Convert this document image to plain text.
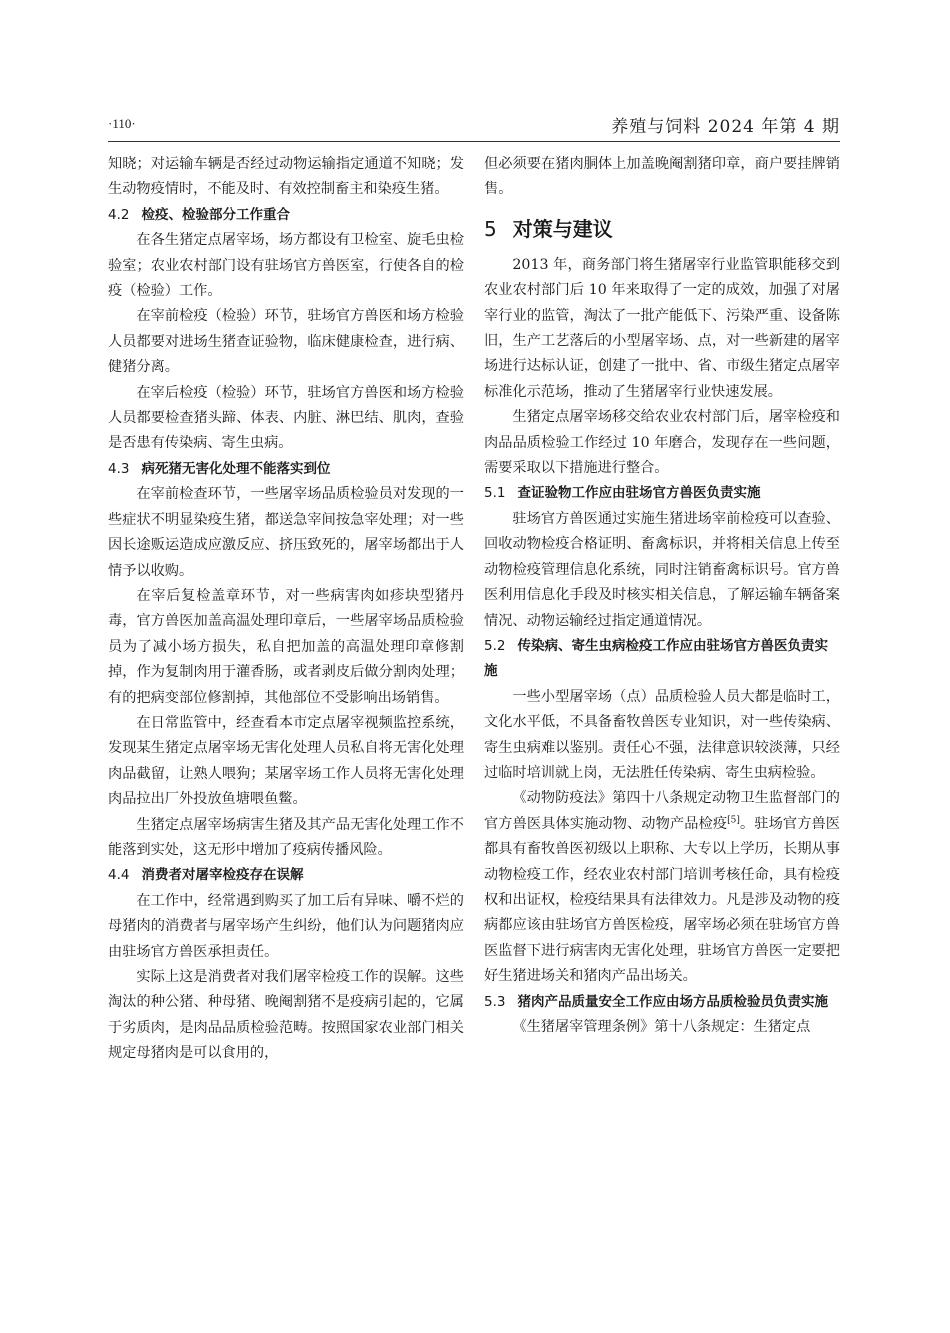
·110·	养殖与饲料 2024 年第 4 期

知晓；对运输车辆是否经过动物运输指定通道不知晓；发生动物疫情时，不能及时、有效控制畜主和染疫生猪。

4.2 检疫、检验部分工作重合

在各生猪定点屠宰场，场方都设有卫检室、旋毛虫检验室；农业农村部门设有驻场官方兽医室，行使各自的检疫（检验）工作。

在宰前检疫（检验）环节，驻场官方兽医和场方检验人员都要对进场生猪查证验物，临床健康检查，进行病、健猪分离。

在宰后检疫（检验）环节，驻场官方兽医和场方检验人员都要检查猪头蹄、体表、内脏、淋巴结、肌肉，查验是否患有传染病、寄生虫病。

4.3 病死猪无害化处理不能落实到位

在宰前检查环节，一些屠宰场品质检验员对发现的一些症状不明显染疫生猪，都送急宰间按急宰处理；对一些因长途贩运造成应激反应、挤压致死的，屠宰场都出于人情予以收购。

在宰后复检盖章环节，对一些病害肉如疹块型猪丹毒，官方兽医加盖高温处理印章后，一些屠宰场品质检验员为了减小场方损失，私自把加盖的高温处理印章修割掉，作为复制肉用于灌香肠，或者剥皮后做分割肉处理；有的把病变部位修割掉，其他部位不受影响出场销售。

在日常监管中，经查看本市定点屠宰视频监控系统，发现某生猪定点屠宰场无害化处理人员私自将无害化处理肉品截留，让熟人喂狗；某屠宰场工作人员将无害化处理肉品拉出厂外投放鱼塘喂鱼鳖。

生猪定点屠宰场病害生猪及其产品无害化处理工作不能落到实处，这无形中增加了疫病传播风险。

4.4 消费者对屠宰检疫存在误解

在工作中，经常遇到购买了加工后有异味、嚼不烂的母猪肉的消费者与屠宰场产生纠纷，他们认为问题猪肉应由驻场官方兽医承担责任。

实际上这是消费者对我们屠宰检疫工作的误解。这些淘汰的种公猪、种母猪、晚阉割猪不是疫病引起的，它属于劣质肉，是肉品品质检验范畴。按照国家农业部门相关规定母猪肉是可以食用的，

但必须要在猪肉胴体上加盖晚阉割猪印章，商户要挂牌销售。

5 对策与建议

2013 年，商务部门将生猪屠宰行业监管职能移交到农业农村部门后 10 年来取得了一定的成效，加强了对屠宰行业的监管，淘汰了一批产能低下、污染严重、设备陈旧，生产工艺落后的小型屠宰场、点，对一些新建的屠宰场进行达标认证，创建了一批中、省、市级生猪定点屠宰标准化示范场，推动了生猪屠宰行业快速发展。

生猪定点屠宰场移交给农业农村部门后，屠宰检疫和肉品品质检验工作经过 10 年磨合，发现存在一些问题，需要采取以下措施进行整合。

5.1 查证验物工作应由驻场官方兽医负责实施

驻场官方兽医通过实施生猪进场宰前检疫可以查验、回收动物检疫合格证明、畜禽标识，并将相关信息上传至动物检疫管理信息化系统，同时注销畜禽标识号。官方兽医利用信息化手段及时核实相关信息，了解运输车辆备案情况、动物运输经过指定通道情况。

5.2 传染病、寄生虫病检疫工作应由驻场官方兽医负责实施

一些小型屠宰场（点）品质检验人员大都是临时工，文化水平低，不具备畜牧兽医专业知识，对一些传染病、寄生虫病难以鉴别。责任心不强，法律意识较淡薄，只经过临时培训就上岗，无法胜任传染病、寄生虫病检验。

《动物防疫法》第四十八条规定动物卫生监督部门的官方兽医具体实施动物、动物产品检疫[5]。驻场官方兽医都具有畜牧兽医初级以上职称、大专以上学历，长期从事动物检疫工作，经农业农村部门培训考核任命，具有检疫权和出证权，检疫结果具有法律效力。凡是涉及动物的疫病都应该由驻场官方兽医检疫，屠宰场必须在驻场官方兽医监督下进行病害肉无害化处理，驻场官方兽医一定要把好生猪进场关和猪肉产品出场关。

5.3 猪肉产品质量安全工作应由场方品质检验员负责实施

《生猪屠宰管理条例》第十八条规定：生猪定点
